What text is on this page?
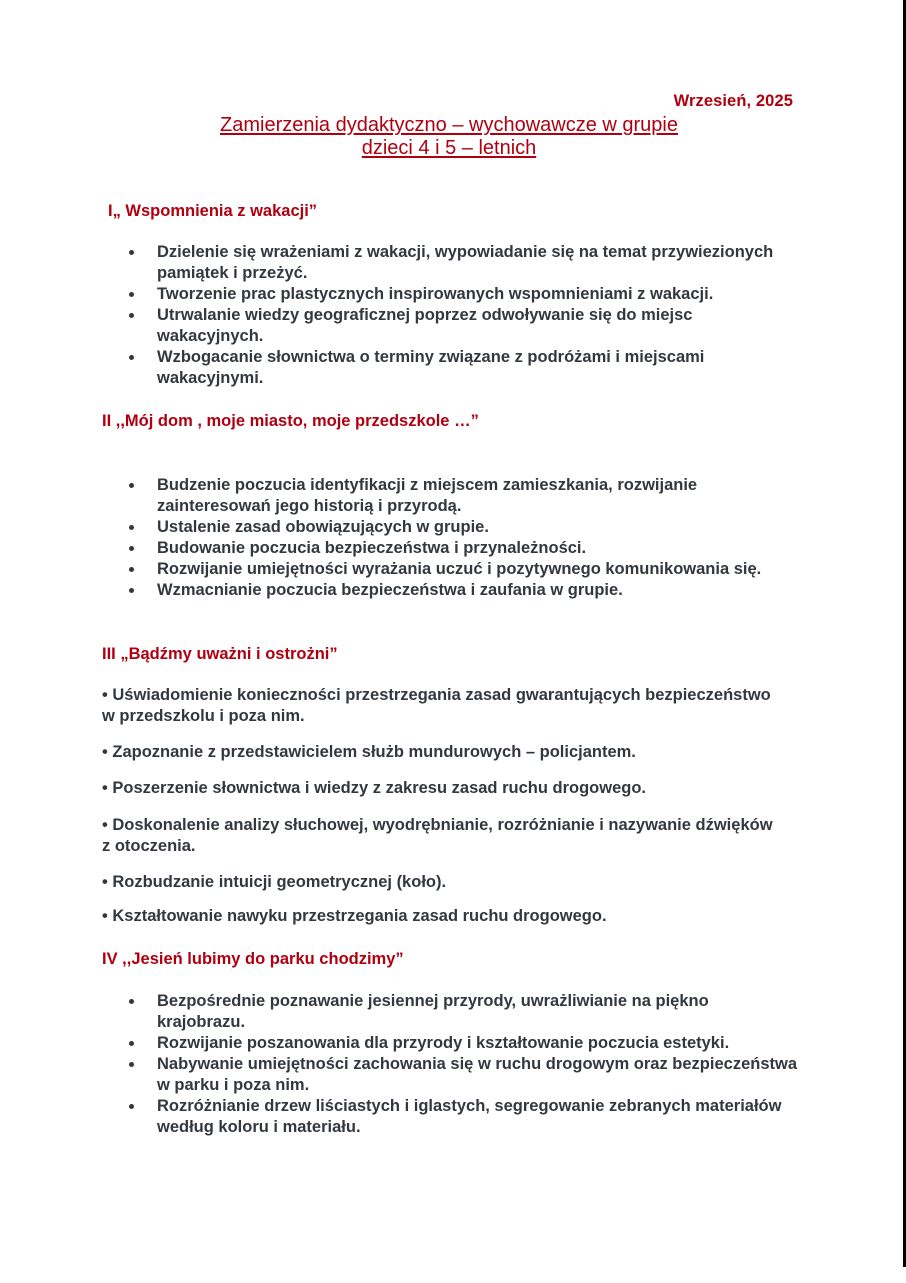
Wrzesień, 2025
Zamierzenia dydaktyczno – wychowawcze w grupie
dzieci 4 i 5 – letnich
I„ Wspomnienia z wakacji”
Dzielenie się wrażeniami z wakacji, wypowiadanie się na temat przywiezionych pamiątek i przeżyć.
Tworzenie prac plastycznych inspirowanych wspomnieniami z wakacji.
Utrwalanie wiedzy geograficznej poprzez odwoływanie się do miejsc wakacyjnych.
Wzbogacanie słownictwa o terminy związane z podróżami i miejscami wakacyjnymi.
II ,,Mój dom , moje miasto, moje przedszkole …”
Budzenie poczucia identyfikacji z miejscem zamieszkania, rozwijanie zainteresowań jego historią i przyrodą.
Ustalenie zasad obowiązujących w grupie.
Budowanie poczucia bezpieczeństwa i przynależności.
Rozwijanie umiejętności wyrażania uczuć i pozytywnego komunikowania się.
Wzmacnianie poczucia bezpieczeństwa i zaufania w grupie.
III „Bądźmy uważni i ostrożni”
• Uświadomienie konieczności przestrzegania zasad gwarantujących bezpieczeństwo w przedszkolu i poza nim.
• Zapoznanie z przedstawicielem służb mundurowych – policjantem.
• Poszerzenie słownictwa i wiedzy z zakresu zasad ruchu drogowego.
• Doskonalenie analizy słuchowej, wyodrębnianie, rozróżnianie i nazywanie dźwięków z otoczenia.
• Rozbudzanie intuicji geometrycznej (koło).
• Kształtowanie nawyku przestrzegania zasad ruchu drogowego.
IV ,,Jesień lubimy do parku chodzimy”
Bezpośrednie poznawanie jesiennej przyrody, uwrażliwianie na piękno krajobrazu.
Rozwijanie poszanowania dla przyrody i kształtowanie poczucia estetyki.
Nabywanie umiejętności zachowania się w ruchu drogowym oraz bezpieczeństwa w parku i poza nim.
Rozróżnianie drzew liściastych i iglastych, segregowanie zebranych materiałów według koloru i materiału.
